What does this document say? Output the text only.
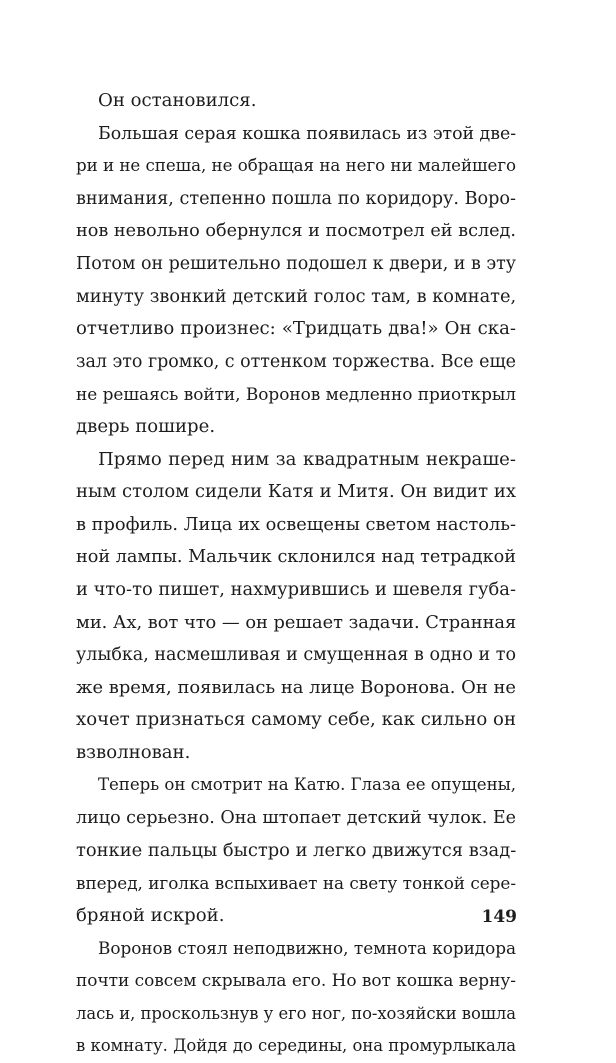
Он остановился.

Большая серая кошка появилась из этой две-
ри и не спеша, не обращая на него ни малейшего
внимания, степенно пошла по коридору. Воро-
нов невольно обернулся и посмотрел ей вслед.
Потом он решительно подошел к двери, и в эту
минуту звонкий детский голос там, в комнате,
отчетливо произнес: «Тридцать два!» Он ска-
зал это громко, с оттенком торжества. Все еще
не решаясь войти, Воронов медленно приоткрыл
дверь пошире.

Прямо перед ним за квадратным некраше-
ным столом сидели Катя и Митя. Он видит их
в профиль. Лица их освещены светом настоль-
ной лампы. Мальчик склонился над тетрадкой
и что-то пишет, нахмурившись и шевеля губа-
ми. Ах, вот что — он решает задачи. Странная
улыбка, насмешливая и смущенная в одно и то
же время, появилась на лице Воронова. Он не
хочет признаться самому себе, как сильно он
взволнован.

Теперь он смотрит на Катю. Глаза ее опущены,
лицо серьезно. Она штопает детский чулок. Ее
тонкие пальцы быстро и легко движутся взад-
вперед, иголка вспыхивает на свету тонкой сере-
бряной искрой.

Воронов стоял неподвижно, темнота коридора
почти совсем скрывала его. Но вот кошка верну-
лась и, проскользнув у его ног, по-хозяйски вошла
в комнату. Дойдя до середины, она промурлыкала

149
